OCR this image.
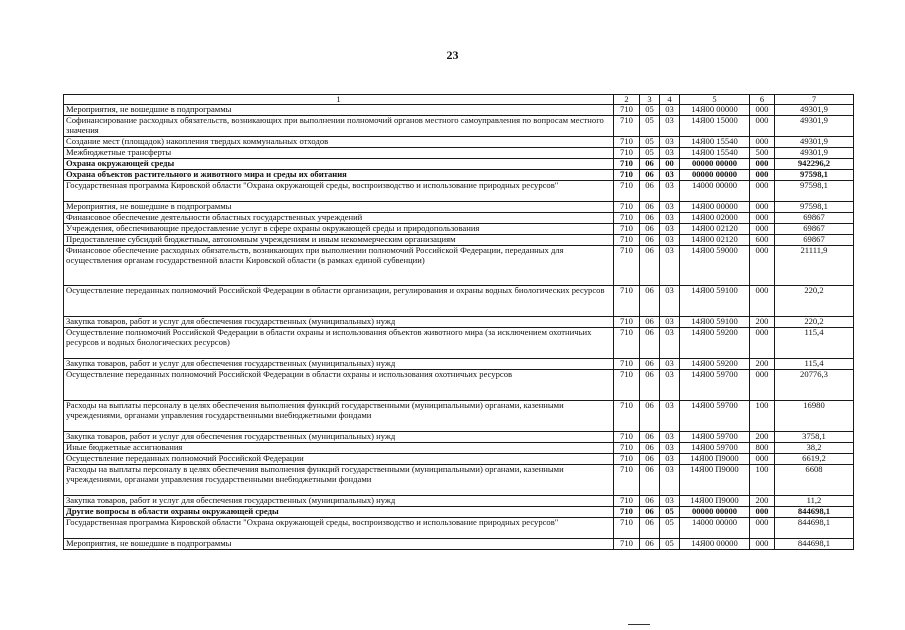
23
1	2	3	4	5	6	7
Мероприятия, не вошедшие в подпрограммы	710	05	03	14Я00 00000	000	49301,9
Софинансирование расходных обязательств, возникающих при выполнении полномочий органов местного самоуправления по вопросам местного значения	710	05	03	14Я00 15000	000	49301,9
Создание мест (площадок) накопления твердых коммунальных отходов	710	05	03	14Я00 15540	000	49301,9
Межбюджетные трансферты	710	05	03	14Я00 15540	500	49301,9
Охрана окружающей среды	710	06	00	00000 00000	000	942296,2
Охрана объектов растительного и животного мира и среды их обитания	710	06	03	00000 00000	000	97598,1
Государственная программа Кировской области "Охрана окружающей среды, воспроизводство и использование природных ресурсов"	710	06	03	14000 00000	000	97598,1
Мероприятия, не вошедшие в подпрограммы	710	06	03	14Я00 00000	000	97598,1
Финансовое обеспечение деятельности областных государственных учреждений	710	06	03	14Я00 02000	000	69867
Учреждения, обеспечивающие предоставление услуг в сфере охраны окружающей среды и природопользования	710	06	03	14Я00 02120	000	69867
Предоставление субсидий бюджетным, автономным учреждениям и иным некоммерческим организациям	710	06	03	14Я00 02120	600	69867
Финансовое обеспечение расходных обязательств, возникающих при выполнении полномочий Российской Федерации, переданных для осуществления органам государственной власти Кировской области (в рамках единой субвенции)	710	06	03	14Я00 59000	000	21111,9
Осуществление переданных полномочий Российской Федерации в области организации, регулирования и охраны водных биологических ресурсов	710	06	03	14Я00 59100	000	220,2
Закупка товаров, работ и услуг для обеспечения государственных (муниципальных) нужд	710	06	03	14Я00 59100	200	220,2
Осуществление полномочий Российской Федерации в области охраны и использования объектов животного мира (за исключением охотничьих ресурсов и водных биологических ресурсов)	710	06	03	14Я00 59200	000	115,4
Закупка товаров, работ и услуг для обеспечения государственных (муниципальных) нужд	710	06	03	14Я00 59200	200	115,4
Осуществление переданных полномочий Российской Федерации в области охраны и использования охотничьих ресурсов	710	06	03	14Я00 59700	000	20776,3
Расходы на выплаты персоналу в целях обеспечения выполнения функций государственными (муниципальными) органами, казенными учреждениями, органами управления государственными внебюджетными фондами	710	06	03	14Я00 59700	100	16980
Закупка товаров, работ и услуг для обеспечения государственных (муниципальных) нужд	710	06	03	14Я00 59700	200	3758,1
Иные бюджетные ассигнования	710	06	03	14Я00 59700	800	38,2
Осуществление переданных полномочий Российской Федерации	710	06	03	14Я00 П9000	000	6619,2
Расходы на выплаты персоналу в целях обеспечения выполнения функций государственными (муниципальными) органами, казенными учреждениями, органами управления государственными внебюджетными фондами	710	06	03	14Я00 П9000	100	6608
Закупка товаров, работ и услуг для обеспечения государственных (муниципальных) нужд	710	06	03	14Я00 П9000	200	11,2
Другие вопросы в области охраны окружающей среды	710	06	05	00000 00000	000	844698,1
Государственная программа Кировской области "Охрана окружающей среды, воспроизводство и использование природных ресурсов"	710	06	05	14000 00000	000	844698,1
Мероприятия, не вошедшие в подпрограммы	710	06	05	14Я00 00000	000	844698,1
